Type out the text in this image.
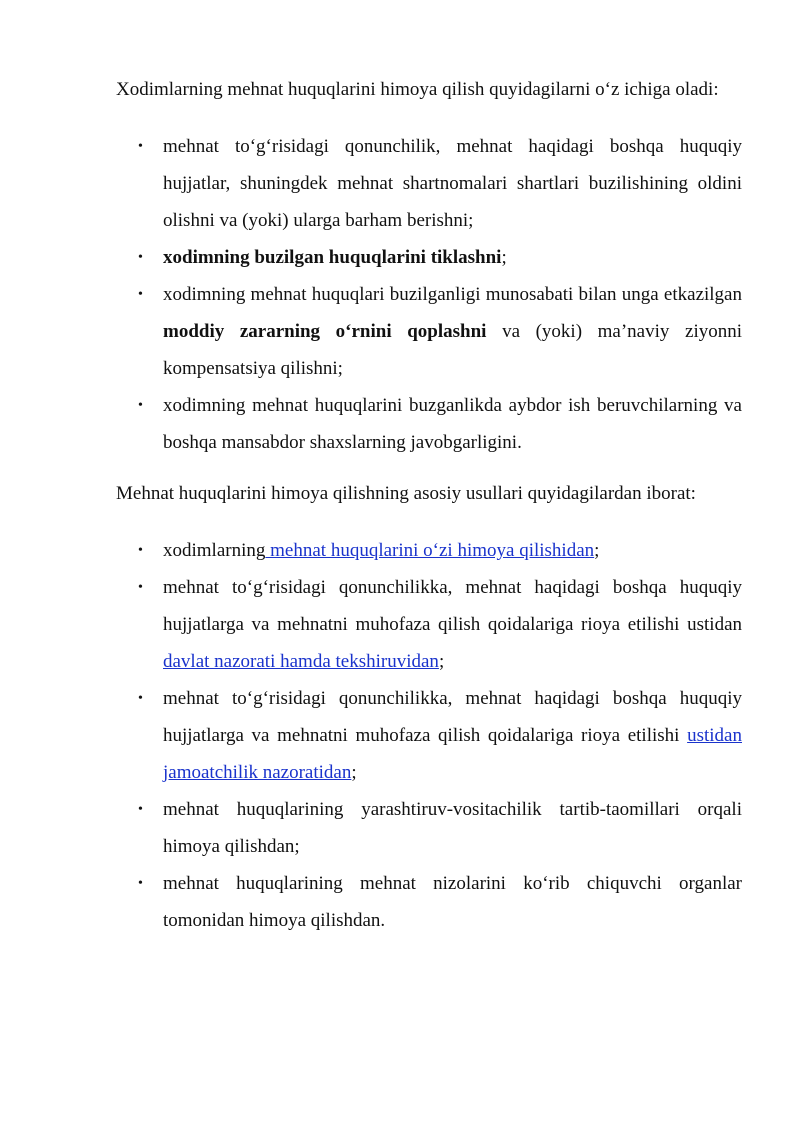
Xodimlarning mehnat huquqlarini himoya qilish quyidagilarni o‘z ichiga oladi:

• mehnat to‘g‘risidagi qonunchilik, mehnat haqidagi boshqa huquqiy hujjatlar, shuningdek mehnat shartnomalari shartlari buzilishining oldini olishni va (yoki) ularga barham berishni;
• xodimning buzilgan huquqlarini tiklashni;
• xodimning mehnat huquqlari buzilganligi munosabati bilan unga etkazilgan moddiy zararning o‘rnini qoplashni va (yoki) ma’naviy ziyonni kompensatsiya qilishni;
• xodimning mehnat huquqlarini buzganlikda aybdor ish beruvchilarning va boshqa mansabdor shaxslarning javobgarligini.

Mehnat huquqlarini himoya qilishning asosiy usullari quyidagilardan iborat:

• xodimlarning mehnat huquqlarini o‘zi himoya qilishidan;
• mehnat to‘g‘risidagi qonunchilikka, mehnat haqidagi boshqa huquqiy hujjatlarga va mehnatni muhofaza qilish qoidalariga rioya etilishi ustidan davlat nazorati hamda tekshiruvidan;
• mehnat to‘g‘risidagi qonunchilikka, mehnat haqidagi boshqa huquqiy hujjatlarga va mehnatni muhofaza qilish qoidalariga rioya etilishi ustidan jamoatchilik nazoratidan;
• mehnat huquqlarining yarashtiruv-vositachilik tartib-taomillari orqali himoya qilishdan;
• mehnat huquqlarining mehnat nizolarini ko‘rib chiquvchi organlar tomonidan himoya qilishdan.
